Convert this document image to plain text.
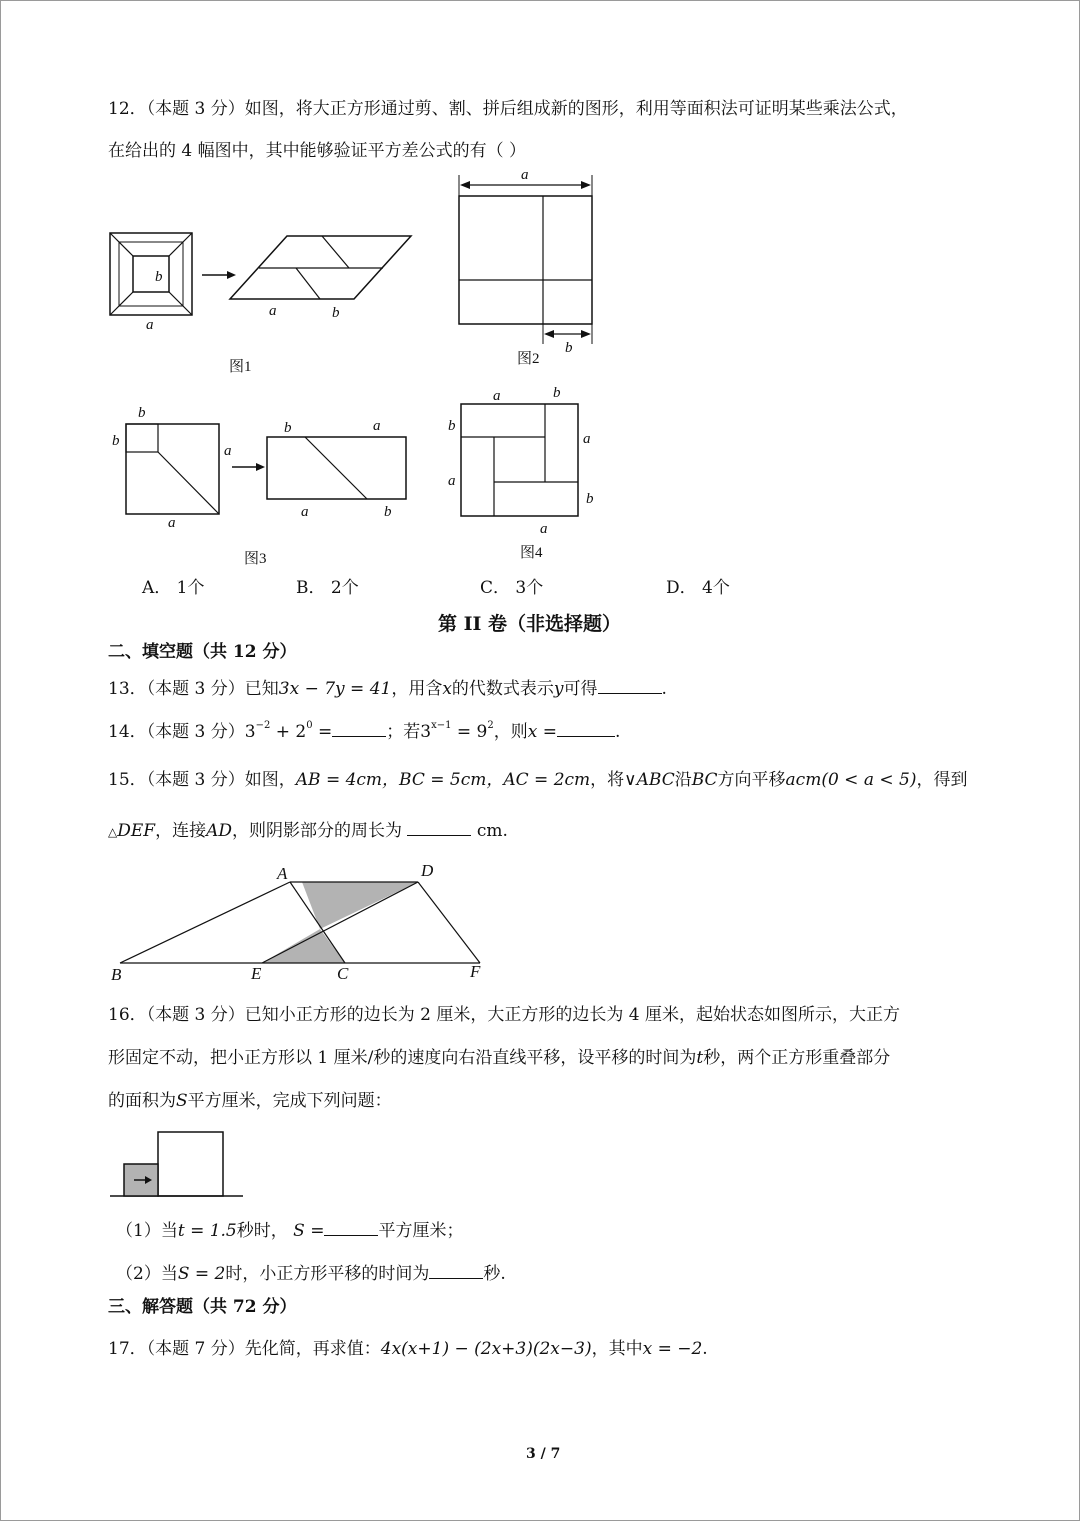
12．（本题 3 分）如图，将大正方形通过剪、割、拼后组成新的图形，利用等面积法可证明某些乘法公式，
在给出的 4 幅图中，其中能够验证平方差公式的有（ ）
b
a
a	b
图1
a
b
图2
b
b
a
a
b	a
a	b
图3
a	b
b
a
a
b
a
图4
A． 1个	B． 2个	C． 3个	D． 4个
第 II 卷（非选择题）
二、填空题（共 12 分）
13．（本题 3 分）已知3x − 7y = 41，用含x的代数式表示y可得	.
14．（本题 3 分）$3^{-2} + 2^0$ =	；若$3^{x-1} = 9^2$，则x =	.
15．（本题 3 分）如图，AB = 4cm，BC = 5cm，AC = 2cm，将∨ABC沿BC方向平移acm(0 < a < 5)，得到
△DEF，连接AD，则阴影部分的周长为	cm.
A	D
B	E	C	F
16．（本题 3 分）已知小正方形的边长为 2 厘米，大正方形的边长为 4 厘米，起始状态如图所示，大正方
形固定不动，把小正方形以 1 厘米/秒的速度向右沿直线平移，设平移的时间为t秒，两个正方形重叠部分
的面积为S平方厘米，完成下列问题：
（1）当t = 1.5秒时， S =	平方厘米；
（2）当S = 2时，小正方形平移的时间为	秒.
三、解答题（共 72 分）
17．（本题 7 分）先化简，再求值：4x(x+1) − (2x+3)(2x−3)，其中x = −2.
3 / 7
